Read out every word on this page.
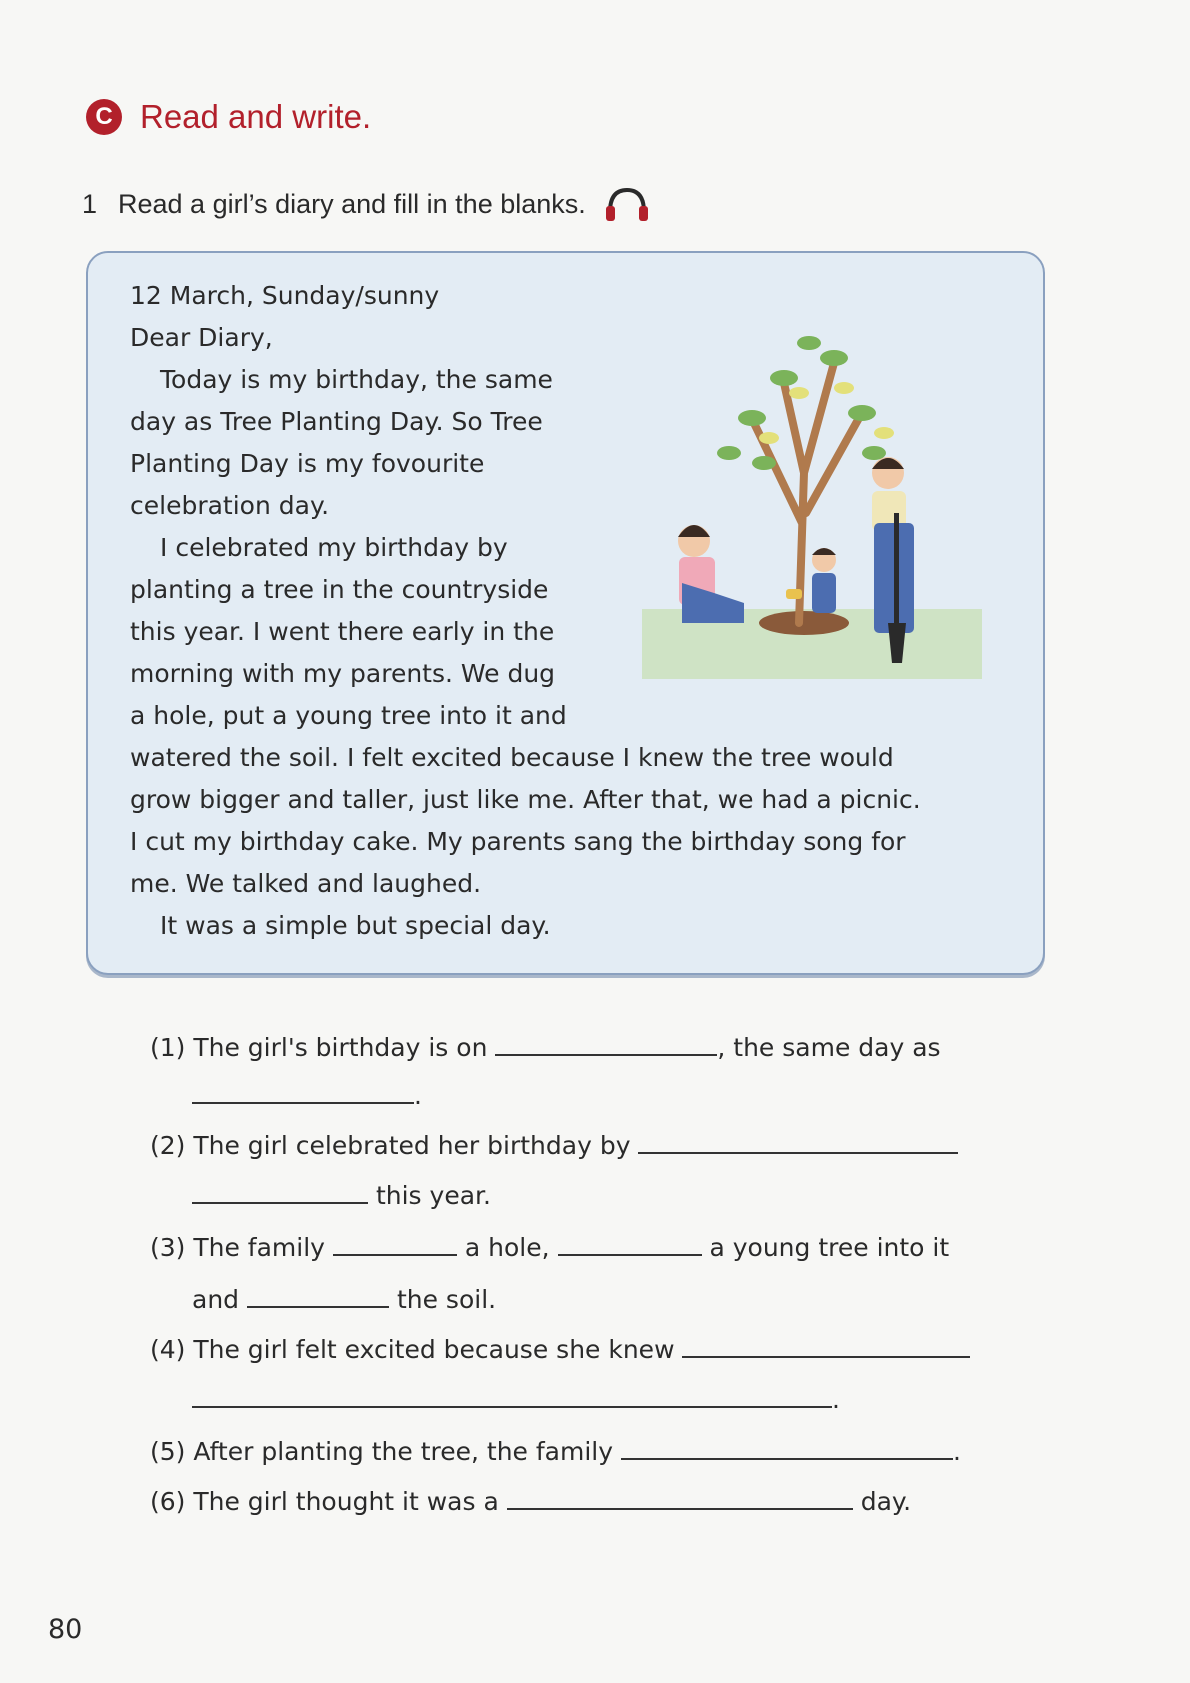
C Read and write.
1 Read a girl’s diary and fill in the blanks.
12 March, Sunday/sunny
Dear Diary,
Today is my birthday, the same
day as Tree Planting Day. So Tree
Planting Day is my fovourite
celebration day.
I celebrated my birthday by
planting a tree in the countryside
this year. I went there early in the
morning with my parents. We dug
a hole, put a young tree into it and
watered the soil. I felt excited because I knew the tree would
grow bigger and taller, just like me. After that, we had a picnic.
I cut my birthday cake. My parents sang the birthday song for
me. We talked and laughed.
It was a simple but special day.
(1) The girl's birthday is on	, the same day as
.
(2) The girl celebrated her birthday by
this year.
(3) The family	a hole,	a young tree into it
and	the soil.
(4) The girl felt excited because she knew
.
(5) After planting the tree, the family	.
(6) The girl thought it was a	day.
80
